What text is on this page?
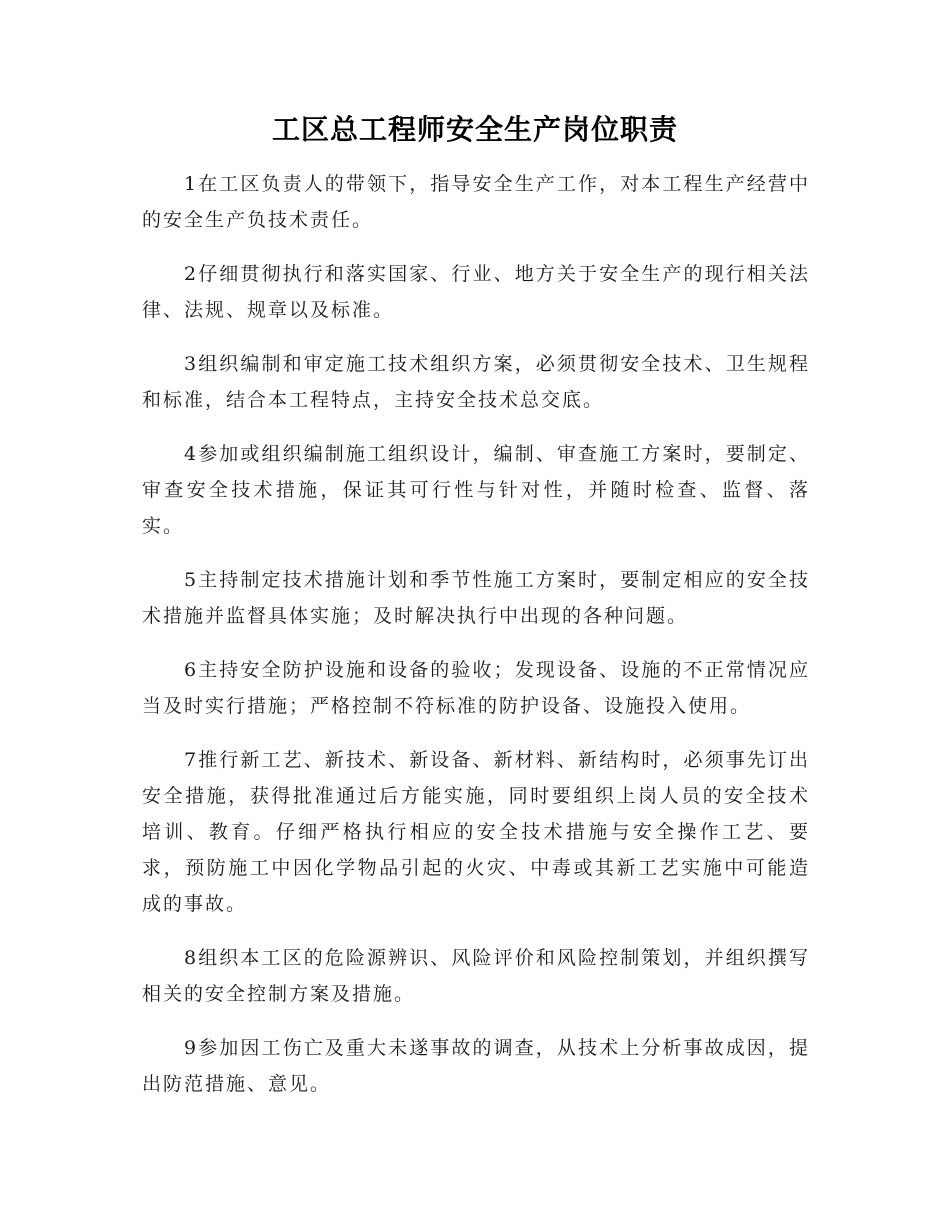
工区总工程师安全生产岗位职责

1在工区负责人的带领下，指导安全生产工作，对本工程生产经营中的安全生产负技术责任。

2仔细贯彻执行和落实国家、行业、地方关于安全生产的现行相关法律、法规、规章以及标准。

3组织编制和审定施工技术组织方案，必须贯彻安全技术、卫生规程和标准，结合本工程特点，主持安全技术总交底。

4参加或组织编制施工组织设计，编制、审查施工方案时，要制定、审查安全技术措施，保证其可行性与针对性，并随时检查、监督、落实。

5主持制定技术措施计划和季节性施工方案时，要制定相应的安全技术措施并监督具体实施；及时解决执行中出现的各种问题。

6主持安全防护设施和设备的验收；发现设备、设施的不正常情况应当及时实行措施；严格控制不符标准的防护设备、设施投入使用。

7推行新工艺、新技术、新设备、新材料、新结构时，必须事先订出安全措施，获得批准通过后方能实施，同时要组织上岗人员的安全技术培训、教育。仔细严格执行相应的安全技术措施与安全操作工艺、要求，预防施工中因化学物品引起的火灾、中毒或其新工艺实施中可能造成的事故。

8组织本工区的危险源辨识、风险评价和风险控制策划，并组织撰写相关的安全控制方案及措施。

9参加因工伤亡及重大未遂事故的调查，从技术上分析事故成因，提出防范措施、意见。
